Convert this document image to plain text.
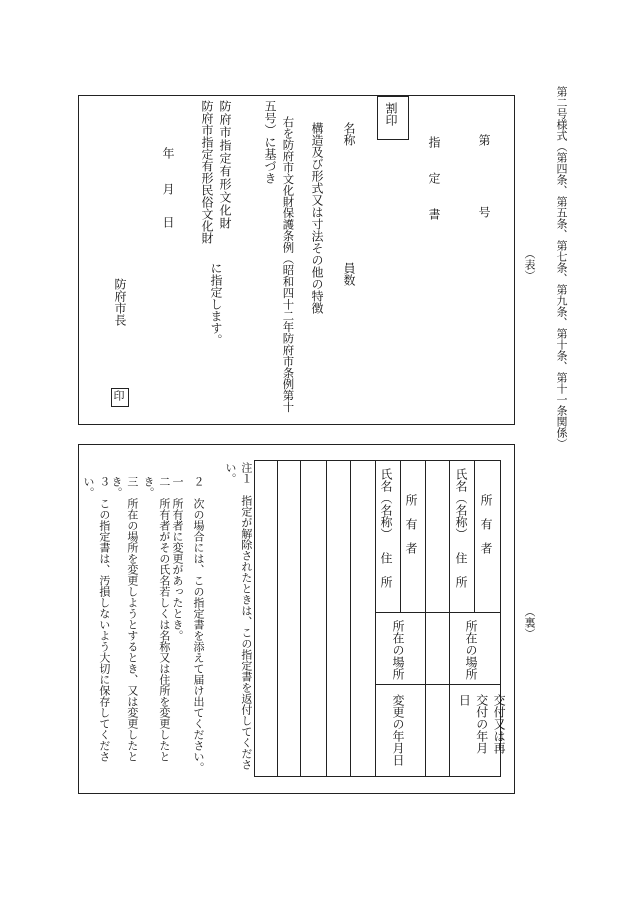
第二号様式（第四条、第五条、第七条、第九条、第十条、第十一条関係）
（表）
第　　　号
指　　定　　書
割印
名称
員数
構造及び形式又は寸法その他の特徴
右を防府市文化財保護条例（昭和四十二年防府市条例第十
五号）に基づき
防府市指定有形文化財
防府市指定有形民俗文化財
に指定します。
年
月
日
防府市長
印
（裏）
所　有　者
氏名（名称）
住　所
所在の場所
交付又は再交付の年月日
所　有　者
氏名（名称）
住　所
所在の場所
変更の年月日
注１　指定が解除されたときは、この指定書を返付してください。
２　次の場合には、この指定書を添えて届け出てください。
一　所有者に変更があったとき。
二　所有者がその氏名若しくは名称又は住所を変更したとき。
三　所在の場所を変更しようとするとき、又は変更したとき。
３　この指定書は、汚損しないよう大切に保存してください。
